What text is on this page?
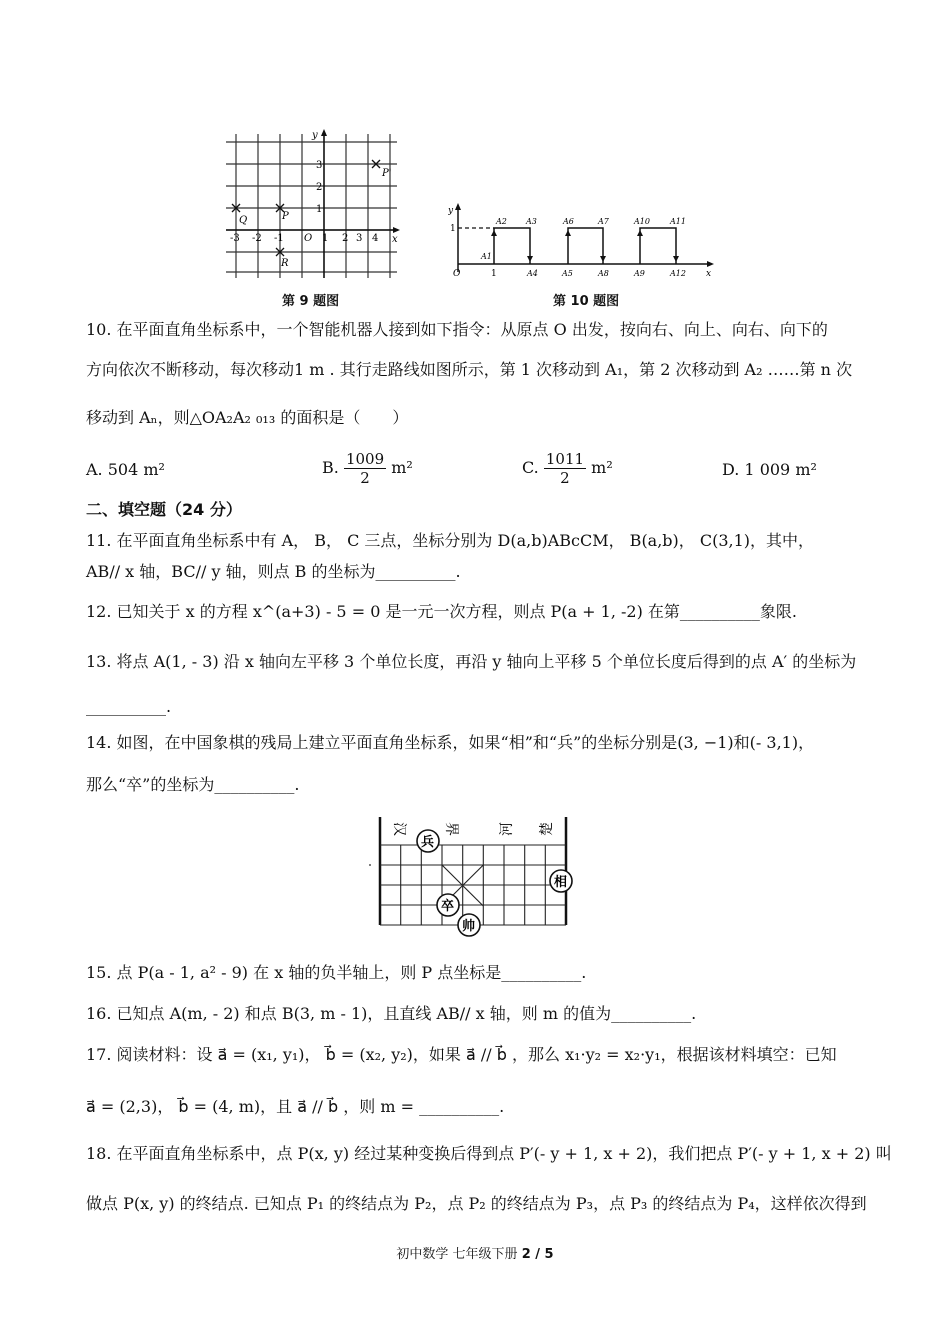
y
x
O
-3 -2 -1	1 2 3 4
3
2
1
P'
Q	P
R
第 9 题图
y
x
O
1
1
A1
A2 A3
A4	A5
A6	A7
A8	A9
A10	A11
A12
第 10 题图
10. 在平面直角坐标系中，一个智能机器人接到如下指令：从原点 O 出发，按向右、向上、向右、向下的
方向依次不断移动，每次移动1 m . 其行走路线如图所示，第 1 次移动到 A₁，第 2 次移动到 A₂ ……第 n 次
移动到 Aₙ，则△OA₂A₂ ₀₁₃ 的面积是（　　）
A. 504 m²	B. $\frac{1009}{2} m^2$	C. $\frac{1011}{2} m^2$	D. 1 009 m²
二、填空题（24 分）
11. 在平面直角坐标系中有 A， B， C 三点，坐标分别为 D(a,b)ABcCM， B(a,b)， C(3,1)，其中，
AB// x 轴，BC// y 轴，则点 B 的坐标为__________.
12. 已知关于 x 的方程 x^(a+3) - 5 = 0 是一元一次方程，则点 P(a + 1, -2) 在第__________象限.
13. 将点 A(1, - 3) 沿 x 轴向左平移 3 个单位长度，再沿 y 轴向上平移 5 个单位长度后得到的点 A′ 的坐标为
__________.
14. 如图，在中国象棋的残局上建立平面直角坐标系，如果“相”和“兵”的坐标分别是(3, −1)和(- 3,1)，
那么“卒”的坐标为__________.
汉	界	河 楚
兵
相
卒
帅
15. 点 P(a - 1, a² - 9) 在 x 轴的负半轴上，则 P 点坐标是__________.
16. 已知点 A(m, - 2) 和点 B(3, m - 1)，且直线 AB// x 轴，则 m 的值为__________.
17. 阅读材料：设 a⃗ = (x₁, y₁)， b⃗ = (x₂, y₂)，如果 a⃗ // b⃗ ，那么 x₁·y₂ = x₂·y₁，根据该材料填空：已知
a⃗ = (2,3)， b⃗ = (4, m)，且 a⃗ // b⃗ ，则 m = __________.
18. 在平面直角坐标系中，点 P(x, y) 经过某种变换后得到点 P′(- y + 1, x + 2)，我们把点 P′(- y + 1, x + 2) 叫
做点 P(x, y) 的终结点. 已知点 P₁ 的终结点为 P₂，点 P₂ 的终结点为 P₃，点 P₃ 的终结点为 P₄，这样依次得到
初中数学 七年级下册 2 / 5
